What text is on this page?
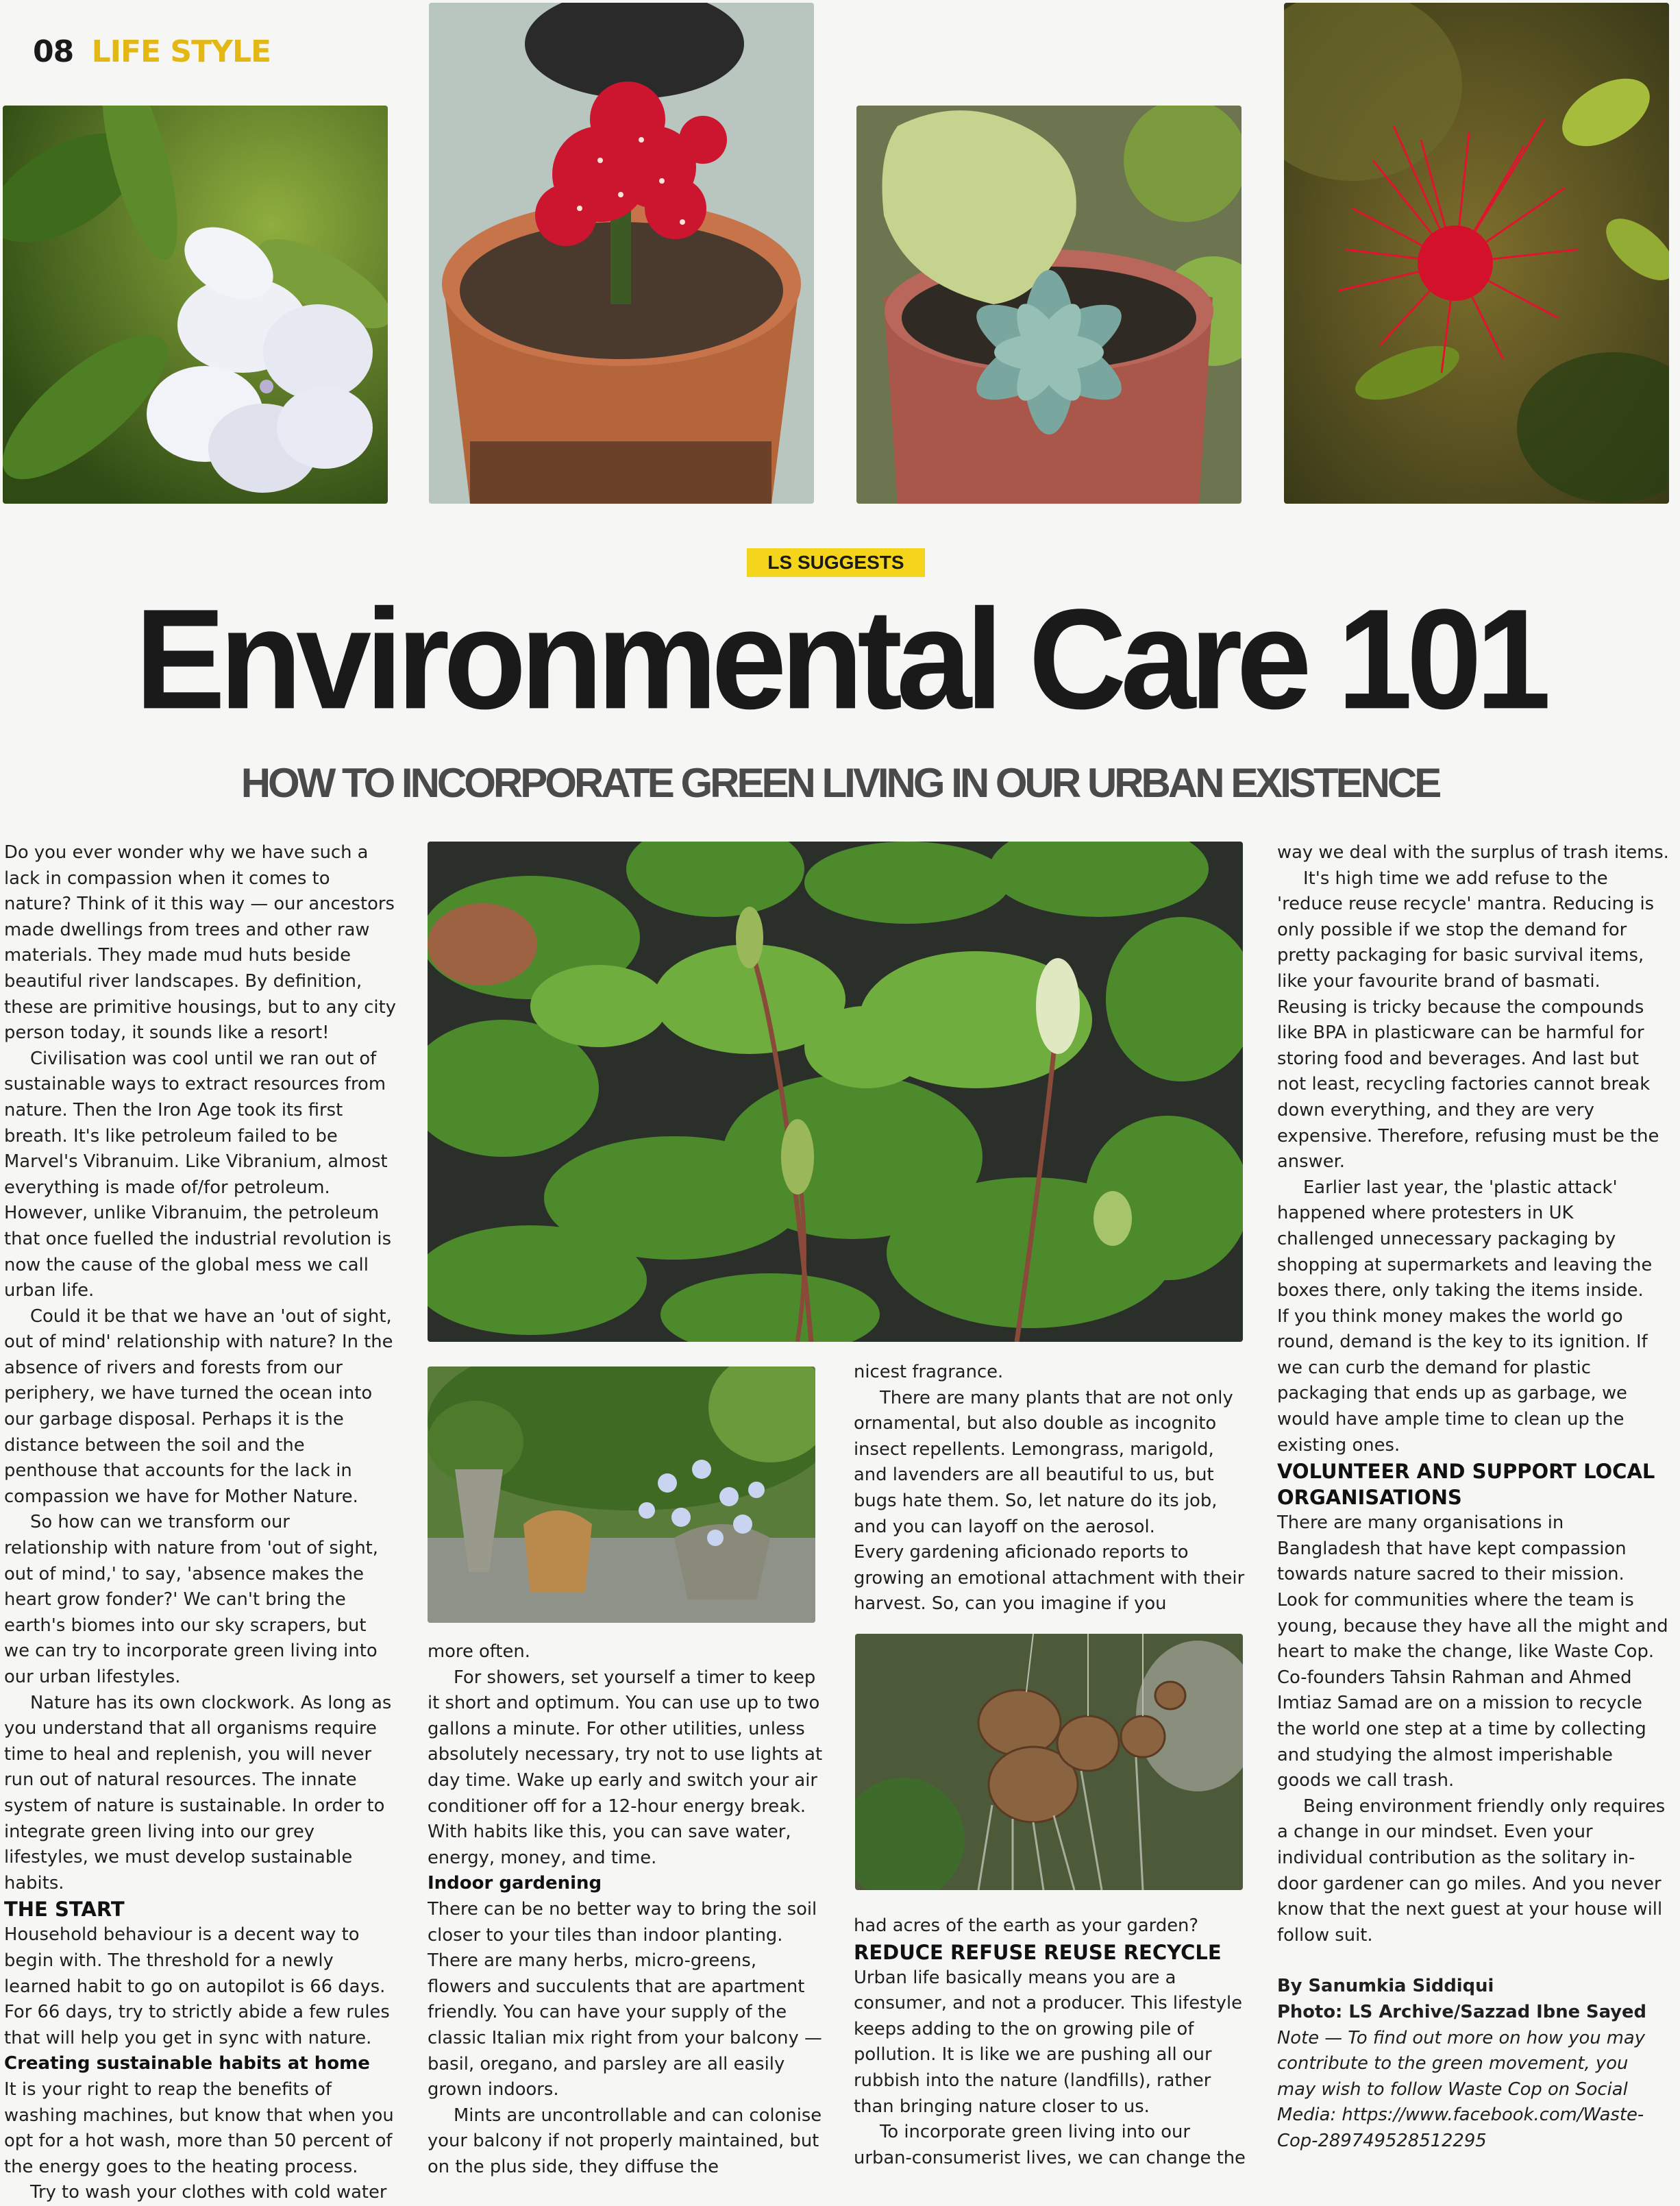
08 LIFE STYLE
LS SUGGESTS
Environmental Care 101
HOW TO INCORPORATE GREEN LIVING IN OUR URBAN EXISTENCE

Do you ever wonder why we have such a lack in compassion when it comes to nature? Think of it this way — our ancestors made dwellings from trees and other raw materials. They made mud huts beside beautiful river landscapes. By definition, these are primitive housings, but to any city person today, it sounds like a resort!

Civilisation was cool until we ran out of sustainable ways to extract resources from nature. Then the Iron Age took its first breath. It's like petroleum failed to be Marvel's Vibranuim. Like Vibranium, almost everything is made of/for petroleum. However, unlike Vibranuim, the petroleum that once fuelled the industrial revolution is now the cause of the global mess we call urban life.

Could it be that we have an 'out of sight, out of mind' relationship with nature? In the absence of rivers and forests from our periphery, we have turned the ocean into our garbage disposal. Perhaps it is the distance between the soil and the penthouse that accounts for the lack in compassion we have for Mother Nature.

So how can we transform our relationship with nature from 'out of sight, out of mind,' to say, 'absence makes the heart grow fonder?' We can't bring the earth's biomes into our sky scrapers, but we can try to incorporate green living into our urban lifestyles.

Nature has its own clockwork. As long as you understand that all organisms require time to heal and replenish, you will never run out of natural resources. The innate system of nature is sustainable. In order to integrate green living into our grey lifestyles, we must develop sustainable habits.

THE START

Household behaviour is a decent way to begin with. The threshold for a newly learned habit to go on autopilot is 66 days. For 66 days, try to strictly abide a few rules that will help you get in sync with nature.

Creating sustainable habits at home

It is your right to reap the benefits of washing machines, but know that when you opt for a hot wash, more than 50 percent of the energy goes to the heating process.

Try to wash your clothes with cold water

more often.

For showers, set yourself a timer to keep it short and optimum. You can use up to two gallons a minute. For other utilities, unless absolutely necessary, try not to use lights at day time. Wake up early and switch your air conditioner off for a 12-hour energy break. With habits like this, you can save water, energy, money, and time.

Indoor gardening

There can be no better way to bring the soil closer to your tiles than indoor planting. There are many herbs, micro-greens, flowers and succulents that are apartment friendly. You can have your supply of the classic Italian mix right from your balcony — basil, oregano, and parsley are all easily grown indoors.

Mints are uncontrollable and can colonise your balcony if not properly maintained, but on the plus side, they diffuse the

nicest fragrance.

There are many plants that are not only ornamental, but also double as incognito insect repellents. Lemongrass, marigold, and lavenders are all beautiful to us, but bugs hate them. So, let nature do its job, and you can layoff on the aerosol.

Every gardening aficionado reports to growing an emotional attachment with their harvest. So, can you imagine if you

had acres of the earth as your garden?

REDUCE REFUSE REUSE RECYCLE

Urban life basically means you are a consumer, and not a producer. This lifestyle keeps adding to the on growing pile of pollution. It is like we are pushing all our rubbish into the nature (landfills), rather than bringing nature closer to us.

To incorporate green living into our urban-consumerist lives, we can change the

way we deal with the surplus of trash items.

It's high time we add refuse to the 'reduce reuse recycle' mantra. Reducing is only possible if we stop the demand for pretty packaging for basic survival items, like your favourite brand of basmati. Reusing is tricky because the compounds like BPA in plasticware can be harmful for storing food and beverages. And last but not least, recycling factories cannot break down everything, and they are very expensive. Therefore, refusing must be the answer.

Earlier last year, the 'plastic attack' happened where protesters in UK challenged unnecessary packaging by shopping at supermarkets and leaving the boxes there, only taking the items inside.

If you think money makes the world go round, demand is the key to its ignition. If we can curb the demand for plastic packaging that ends up as garbage, we would have ample time to clean up the existing ones.

VOLUNTEER AND SUPPORT LOCAL ORGANISATIONS

There are many organisations in Bangladesh that have kept compassion towards nature sacred to their mission. Look for communities where the team is young, because they have all the might and heart to make the change, like Waste Cop. Co-founders Tahsin Rahman and Ahmed Imtiaz Samad are on a mission to recycle the world one step at a time by collecting and studying the almost imperishable goods we call trash.

Being environment friendly only requires a change in our mindset. Even your individual contribution as the solitary in-door gardener can go miles. And you never know that the next guest at your house will follow suit.

By Sanumkia Siddiqui

Photo: LS Archive/Sazzad Ibne Sayed

Note — To find out more on how you may contribute to the green movement, you may wish to follow Waste Cop on Social Media: https://www.facebook.com/Waste-Cop-289749528512295
